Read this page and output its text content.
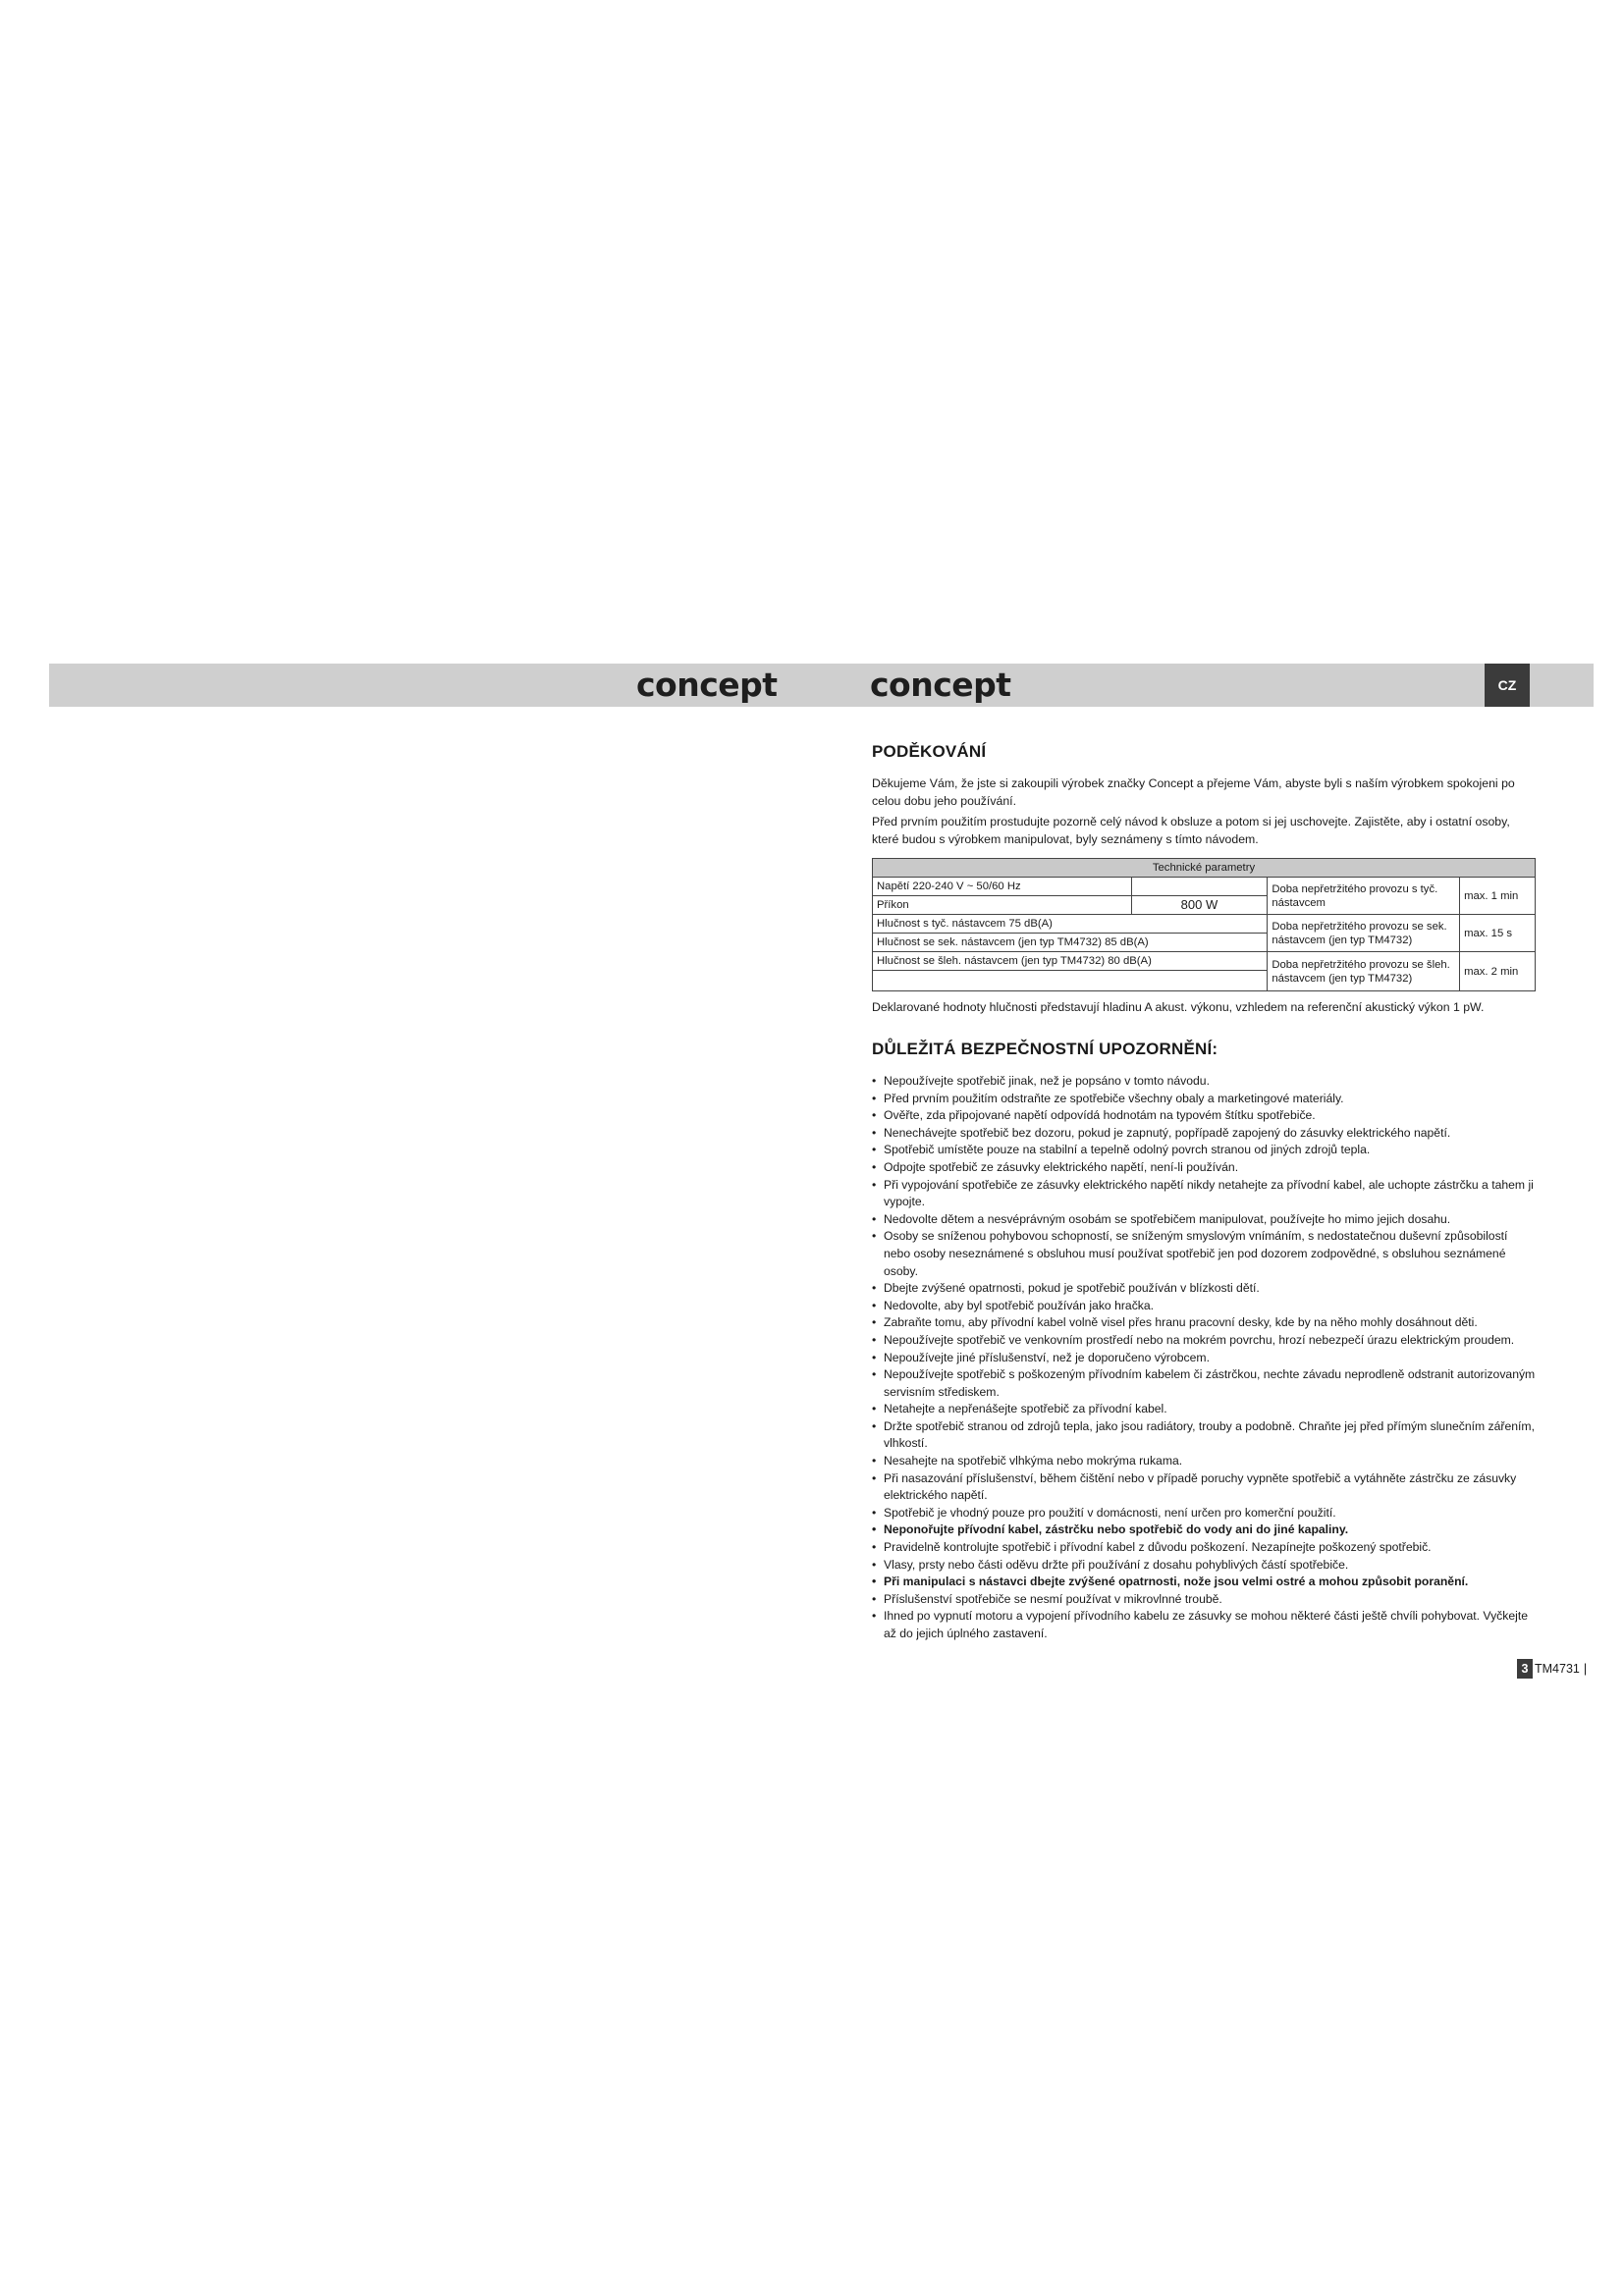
concept	concept	CZ
PODĚKOVÁNÍ

Děkujeme Vám, že jste si zakoupili výrobek značky Concept a přejeme Vám, abyste byli s naším výrobkem spokojeni po celou dobu jeho používání.

Před prvním použitím prostudujte pozorně celý návod k obsluze a potom si jej uschovejte. Zajistěte, aby i ostatní osoby, které budou s výrobkem manipulovat, byly seznámeny s tímto návodem.

Technické parametry			
Napětí 220-240 V ~ 50/60 Hz		Doba nepřetržitého provozu s tyč. nástavcem	max. 1 min
Příkon	800 W		
Hlučnost s tyč. nástavcem 75 dB(A)		Doba nepřetržitého provozu se sek. nástavcem (jen typ TM4732)	max. 15 s
Hlučnost se sek. nástavcem (jen typ TM4732) 85 dB(A)			
Hlučnost se šleh. nástavcem (jen typ TM4732) 80 dB(A)		Doba nepřetržitého provozu se šleh. nástavcem (jen typ TM4732)	max. 2 min

Deklarované hodnoty hlučnosti představují hladinu A akust. výkonu, vzhledem na referenční akustický výkon 1 pW.

DŮLEŽITÁ BEZPEČNOSTNÍ UPOZORNĚNÍ:
• Nepoužívejte spotřebič jinak, než je popsáno v tomto návodu.
• Před prvním použitím odstraňte ze spotřebiče všechny obaly a marketingové materiály.
• Ověřte, zda připojované napětí odpovídá hodnotám na typovém štítku spotřebiče.
• Nenechávejte spotřebič bez dozoru, pokud je zapnutý, popřípadě zapojený do zásuvky elektrického napětí.
• Spotřebič umístěte pouze na stabilní a tepelně odolný povrch stranou od jiných zdrojů tepla.
• Odpojte spotřebič ze zásuvky elektrického napětí, není-li používán.
• Při vypojování spotřebiče ze zásuvky elektrického napětí nikdy netahejte za přívodní kabel, ale uchopte zástrčku a tahem ji vypojte.
• Nedovolte dětem a nesvéprávným osobám se spotřebičem manipulovat, používejte ho mimo jejich dosahu.
• Osoby se sníženou pohybovou schopností, se sníženým smyslovým vnímáním, s nedostatečnou duševní způsobilostí nebo osoby neseznámené s obsluhou musí používat spotřebič jen pod dozorem zodpovědné, s obsluhou seznámené osoby.
• Dbejte zvýšené opatrnosti, pokud je spotřebič používán v blízkosti dětí.
• Nedovolte, aby byl spotřebič používán jako hračka.
• Zabraňte tomu, aby přívodní kabel volně visel přes hranu pracovní desky, kde by na něho mohly dosáhnout děti.
• Nepoužívejte spotřebič ve venkovním prostředí nebo na mokrém povrchu, hrozí nebezpečí úrazu elektrickým proudem.
• Nepoužívejte jiné příslušenství, než je doporučeno výrobcem.
• Nepoužívejte spotřebič s poškozeným přívodním kabelem či zástrčkou, nechte závadu neprodleně odstranit autorizovaným servisním střediskem.
• Netahejte a nepřenášejte spotřebič za přívodní kabel.
• Držte spotřebič stranou od zdrojů tepla, jako jsou radiátory, trouby a podobně. Chraňte jej před přímým slunečním zářením, vlhkostí.
• Nesahejte na spotřebič vlhkýma nebo mokrýma rukama.
• Při nasazování příslušenství, během čištění nebo v případě poruchy vypněte spotřebič a vytáhněte zástrčku ze zásuvky elektrického napětí.
• Spotřebič je vhodný pouze pro použití v domácnosti, není určen pro komerční použití.
• Neponořujte přívodní kabel, zástrčku nebo spotřebič do vody ani do jiné kapaliny.
• Pravidelně kontrolujte spotřebič i přívodní kabel z důvodu poškození. Nezapínejte poškozený spotřebič.
• Vlasy, prsty nebo části oděvu držte při používání z dosahu pohyblivých částí spotřebiče.
• Při manipulaci s nástavci dbejte zvýšené opatrnosti, nože jsou velmi ostré a mohou způsobit poranění.
• Příslušenství spotřebiče se nesmí používat v mikrovlnné troubě.
• Ihned po vypnutí motoru a vypojení přívodního kabelu ze zásuvky se mohou některé části ještě chvíli pohybovat. Vyčkejte až do jejich úplného zastavení.
3 TM4731 |
